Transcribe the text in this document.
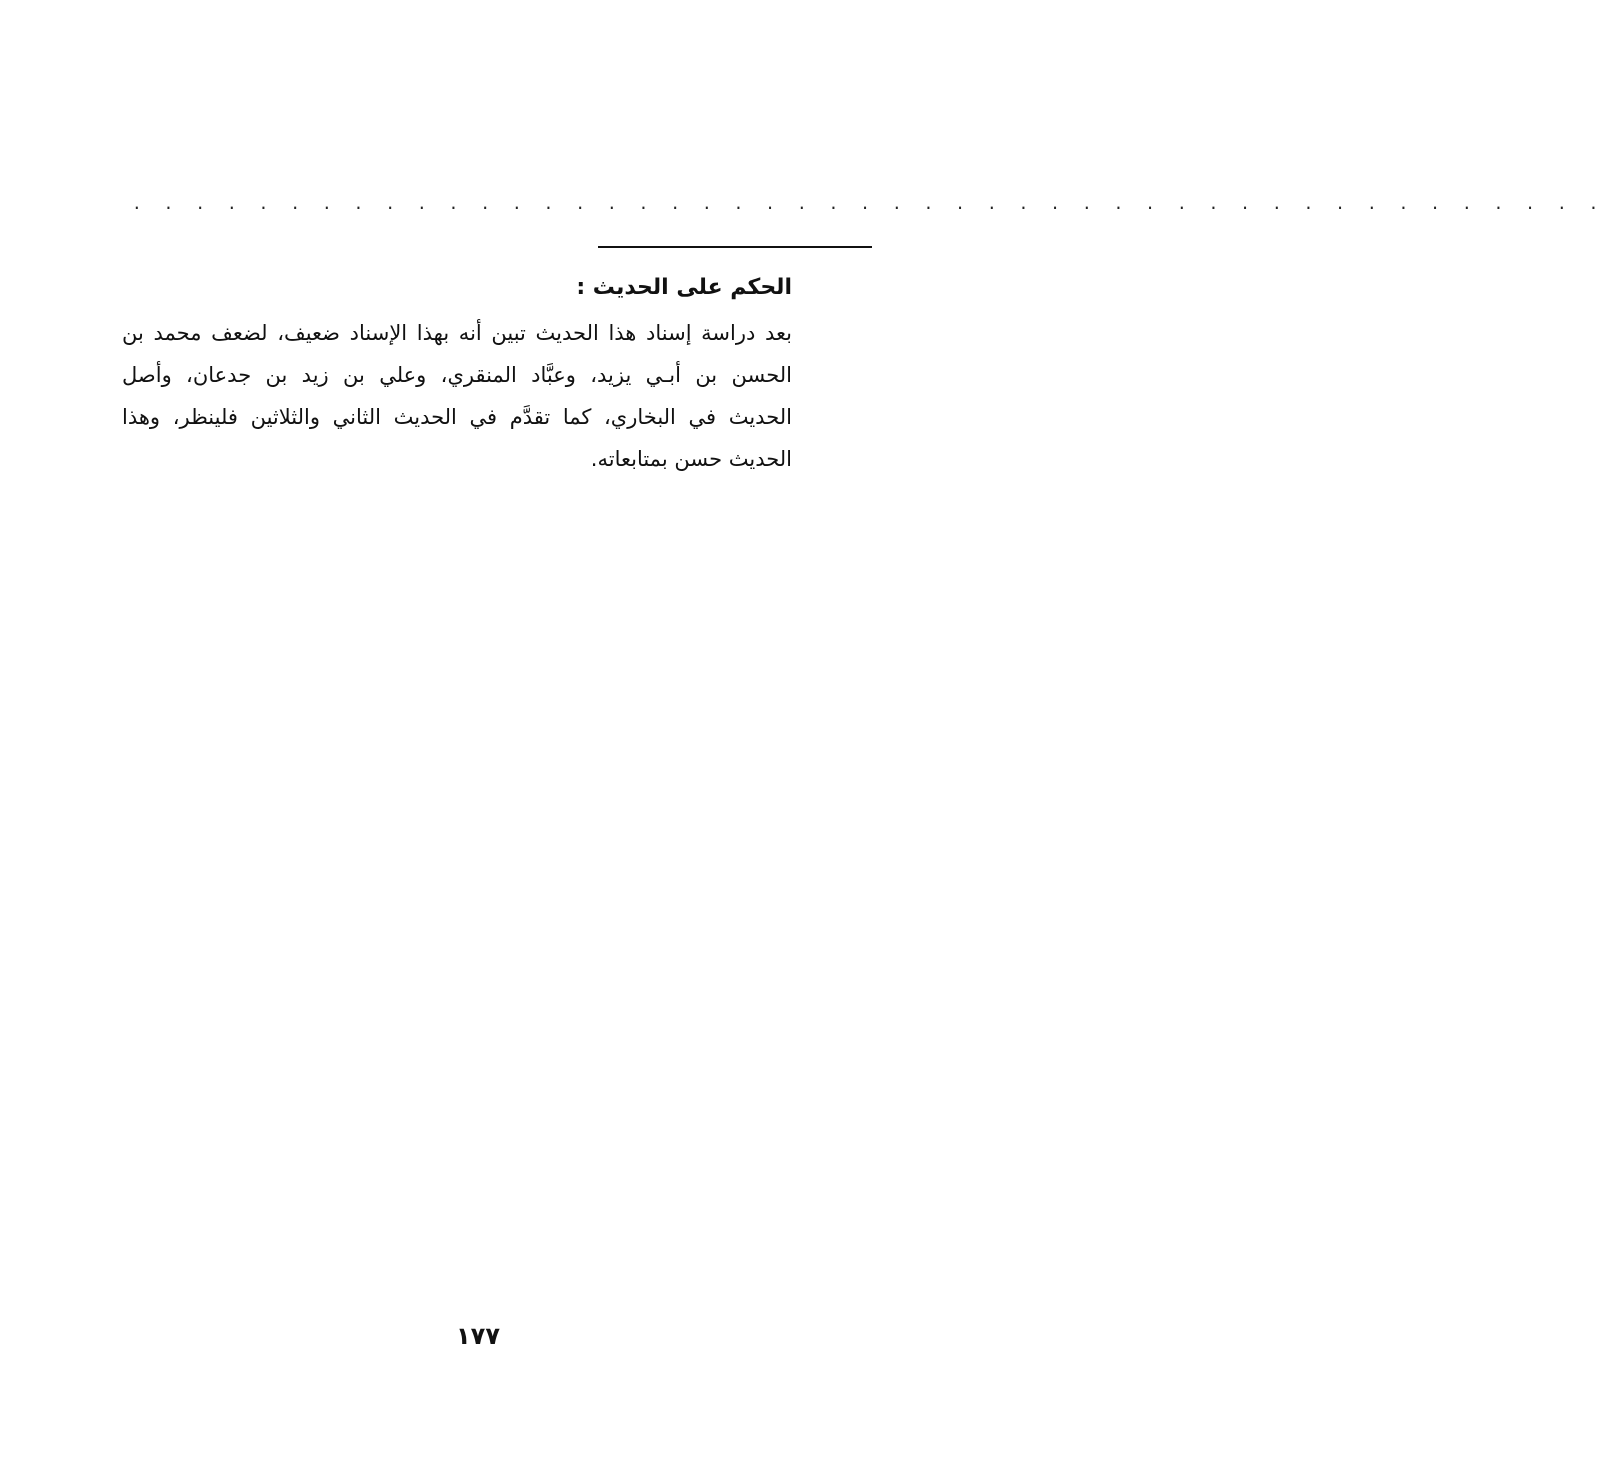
. . . . . . . . . . . . . . . . . . . . . . . . . . . . . . . . . . . . . . . . . . . . . . .

الحكم على الحديث :

بعد دراسة إسناد هذا الحديث تبين أنه بهذا الإسناد ضعيف، لضعف محمد بن

الحسن بن أبـي يزيد، وعبَّاد المنقري، وعلي بن زيد بن جدعان، وأصل

الحديث في البخاري، كما تقدَّم في الحديث الثاني والثلاثين فلينظر، وهذا

الحديث حسن بمتابعاته.

١٧٧
